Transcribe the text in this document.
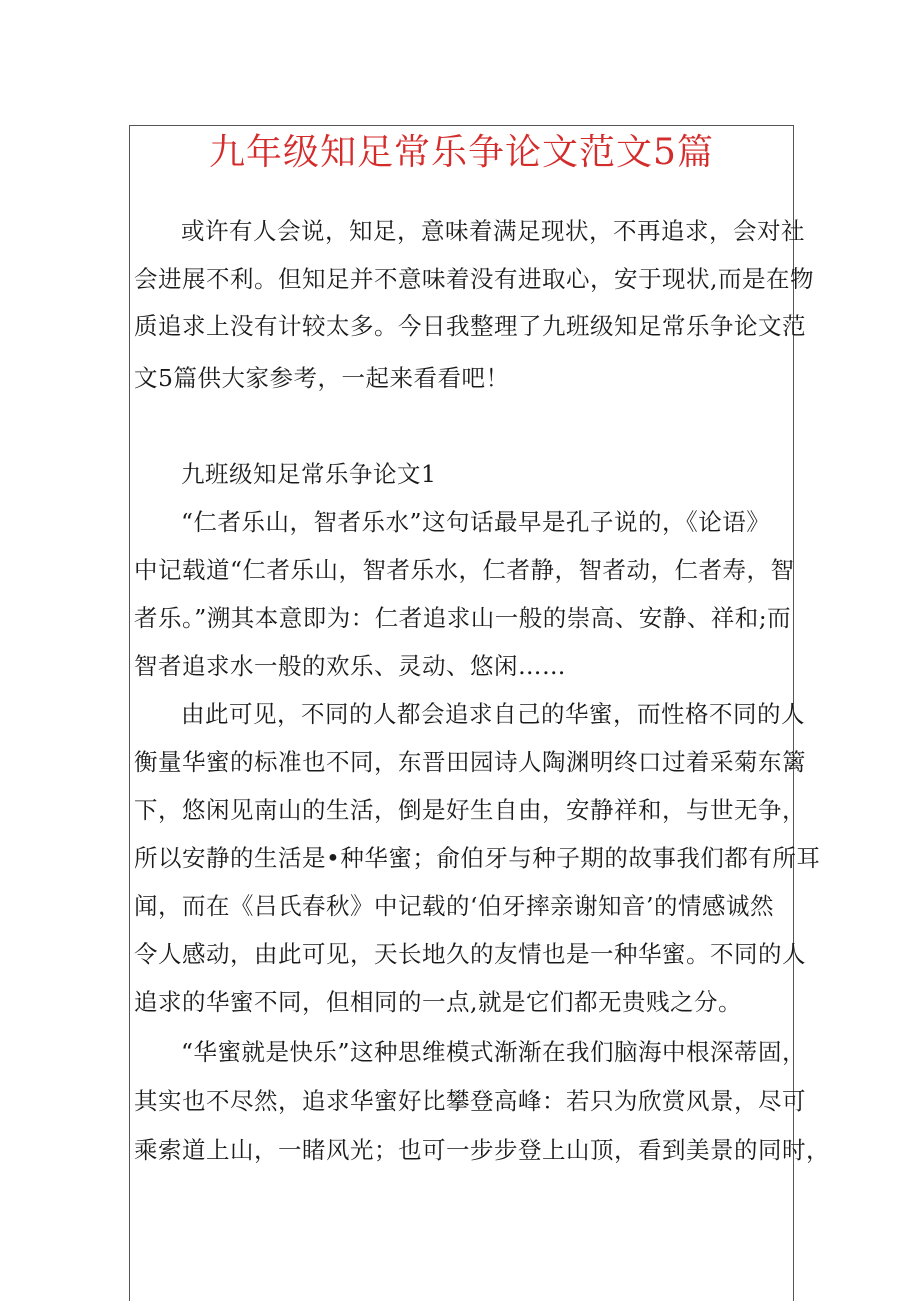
九年级知足常乐争论文范文5篇
或许有人会说，知足，意味着满足现状，不再追求，会对社
会进展不利。但知足并不意味着没有进取心，安于现状,而是在物
质追求上没有计较太多。今日我整理了九班级知足常乐争论文范
文5篇供大家参考，一起来看看吧！
九班级知足常乐争论文1
“仁者乐山，智者乐水”这句话最早是孔子说的，《论语》
中记载道“仁者乐山，智者乐水，仁者静，智者动，仁者寿，智
者乐。”溯其本意即为：仁者追求山一般的崇高、安静、祥和;而
智者追求水一般的欢乐、灵动、悠闲……
由此可见，不同的人都会追求自己的华蜜，而性格不同的人
衡量华蜜的标准也不同，东晋田园诗人陶渊明终口过着采菊东篱
下，悠闲见南山的生活，倒是好生自由，安静祥和，与世无争，
所以安静的生活是•种华蜜；俞伯牙与种子期的故事我们都有所耳
闻，而在《吕氏春秋》中记载的‘伯牙摔亲谢知音’的情感诚然
令人感动，由此可见，天长地久的友情也是一种华蜜。不同的人
追求的华蜜不同，但相同的一点,就是它们都无贵贱之分。
“华蜜就是快乐”这种思维模式渐渐在我们脑海中根深蒂固，
其实也不尽然，追求华蜜好比攀登高峰：若只为欣赏风景，尽可
乘索道上山，一睹风光；也可一步步登上山顶，看到美景的同时，
